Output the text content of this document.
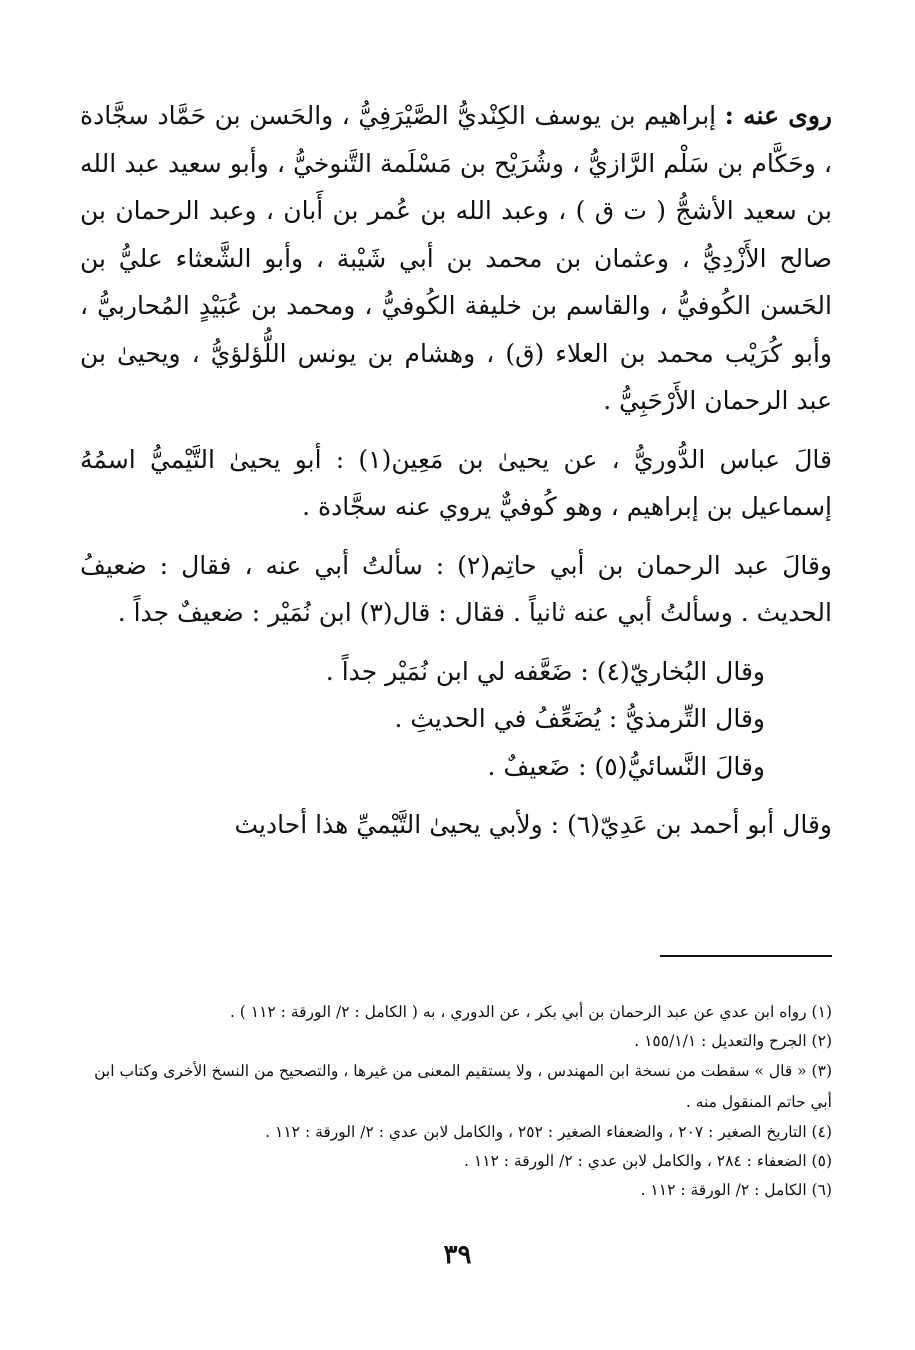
روى عنه : إبراهيم بن يوسف الكِنْديُّ الصَّيْرَفِيُّ ، والحَسن بن حَمَّاد سجَّادة ، وحَكَّام بن سَلْم الرَّازيُّ ، وشُرَيْح بن مَسْلَمة التَّنوخيُّ ، وأبو سعيد عبد الله بن سعيد الأشجُّ ( ت ق ) ، وعبد الله بن عُمر بن أَبان ، وعبد الرحمان بن صالح الأَزْدِيُّ ، وعثمان بن محمد بن أبي شَيْبة ، وأبو الشَّعثاء عليُّ بن الحَسن الكُوفيُّ ، والقاسم بن خليفة الكُوفيُّ ، ومحمد بن عُبَيْدٍ المُحاربيُّ ، وأبو كُرَيْب محمد بن العلاء (ق) ، وهشام بن يونس اللُّؤلؤيُّ ، ويحيىٰ بن عبد الرحمان الأَرْحَبِيُّ .

قالَ عباس الدُّوريُّ ، عن يحيىٰ بن مَعِين(١) : أبو يحيىٰ التَّيْميُّ اسمُهُ إسماعيل بن إبراهيم ، وهو كُوفيٌّ يروي عنه سجَّادة .

وقالَ عبد الرحمان بن أبي حاتِم(٢) : سألتُ أبي عنه ، فقال : ضعيفُ الحديث . وسألتُ أبي عنه ثانياً . فقال : قال(٣) ابن نُمَيْر : ضعيفٌ جداً .

وقال البُخاريّ(٤) : ضَعَّفه لي ابن نُمَيْر جداً .

وقال التِّرمذيُّ : يُضَعِّفُ في الحديثِ .

وقالَ النَّسائيُّ(٥) : ضَعيفٌ .

وقال أبو أحمد بن عَدِيّ(٦) : ولأبي يحيىٰ التَّيْميِّ هذا أحاديث

(١) رواه ابن عدي عن عبد الرحمان بن أبي بكر ، عن الدوري ، به ( الكامل : ٢/ الورقة : ١١٢ ) .

(٢) الجرح والتعديل : ١٥٥/١/١ .

(٣) « قال » سقطت من نسخة ابن المهندس ، ولا يستقيم المعنى من غيرها ، والتصحيح من النسخ الأخرى وكتاب ابن أبي حاتم المنقول منه .

(٤) التاريخ الصغير : ٢٠٧ ، والضعفاء الصغير : ٢٥٢ ، والكامل لابن عدي : ٢/ الورقة : ١١٢ .

(٥) الضعفاء : ٢٨٤ ، والكامل لابن عدي : ٢/ الورقة : ١١٢ .

(٦) الكامل : ٢/ الورقة : ١١٢ .

٣٩
